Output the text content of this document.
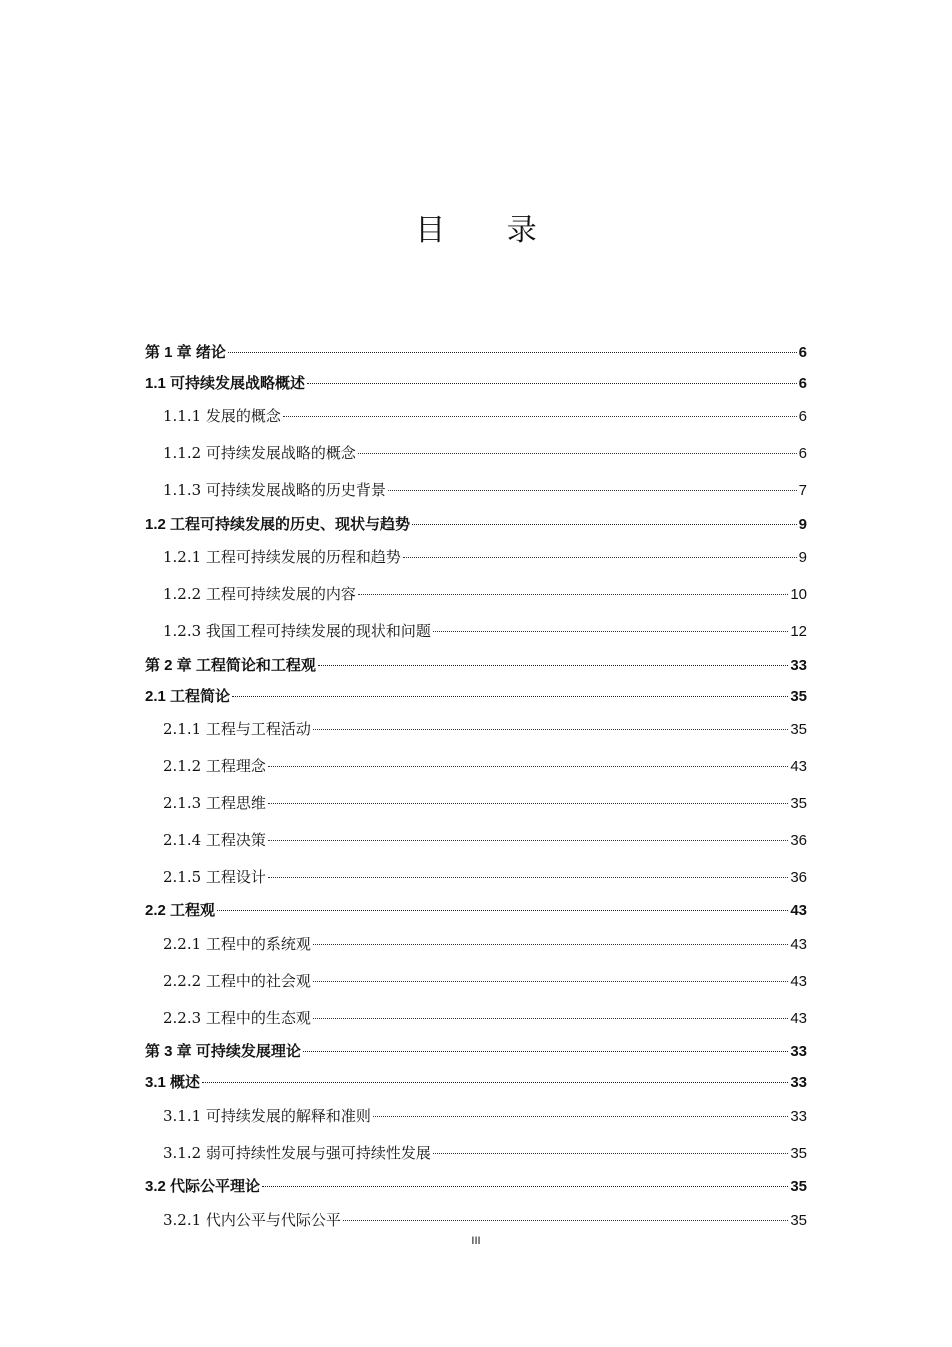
目 录
第 1 章 绪论	6
1.1 可持续发展战略概述	6
1.1.1 发展的概念	6
1.1.2 可持续发展战略的概念	6
1.1.3 可持续发展战略的历史背景	7
1.2 工程可持续发展的历史、现状与趋势	9
1.2.1 工程可持续发展的历程和趋势	9
1.2.2 工程可持续发展的内容	10
1.2.3 我国工程可持续发展的现状和问题	12
第 2 章 工程简论和工程观	33
2.1 工程简论	35
2.1.1 工程与工程活动	35
2.1.2 工程理念	43
2.1.3 工程思维	35
2.1.4 工程决策	36
2.1.5 工程设计	36
2.2 工程观	43
2.2.1 工程中的系统观	43
2.2.2 工程中的社会观	43
2.2.3 工程中的生态观	43
第 3 章 可持续发展理论	33
3.1 概述	33
3.1.1 可持续发展的解释和准则	33
3.1.2 弱可持续性发展与强可持续性发展	35
3.2 代际公平理论	35
3.2.1 代内公平与代际公平	35
III
